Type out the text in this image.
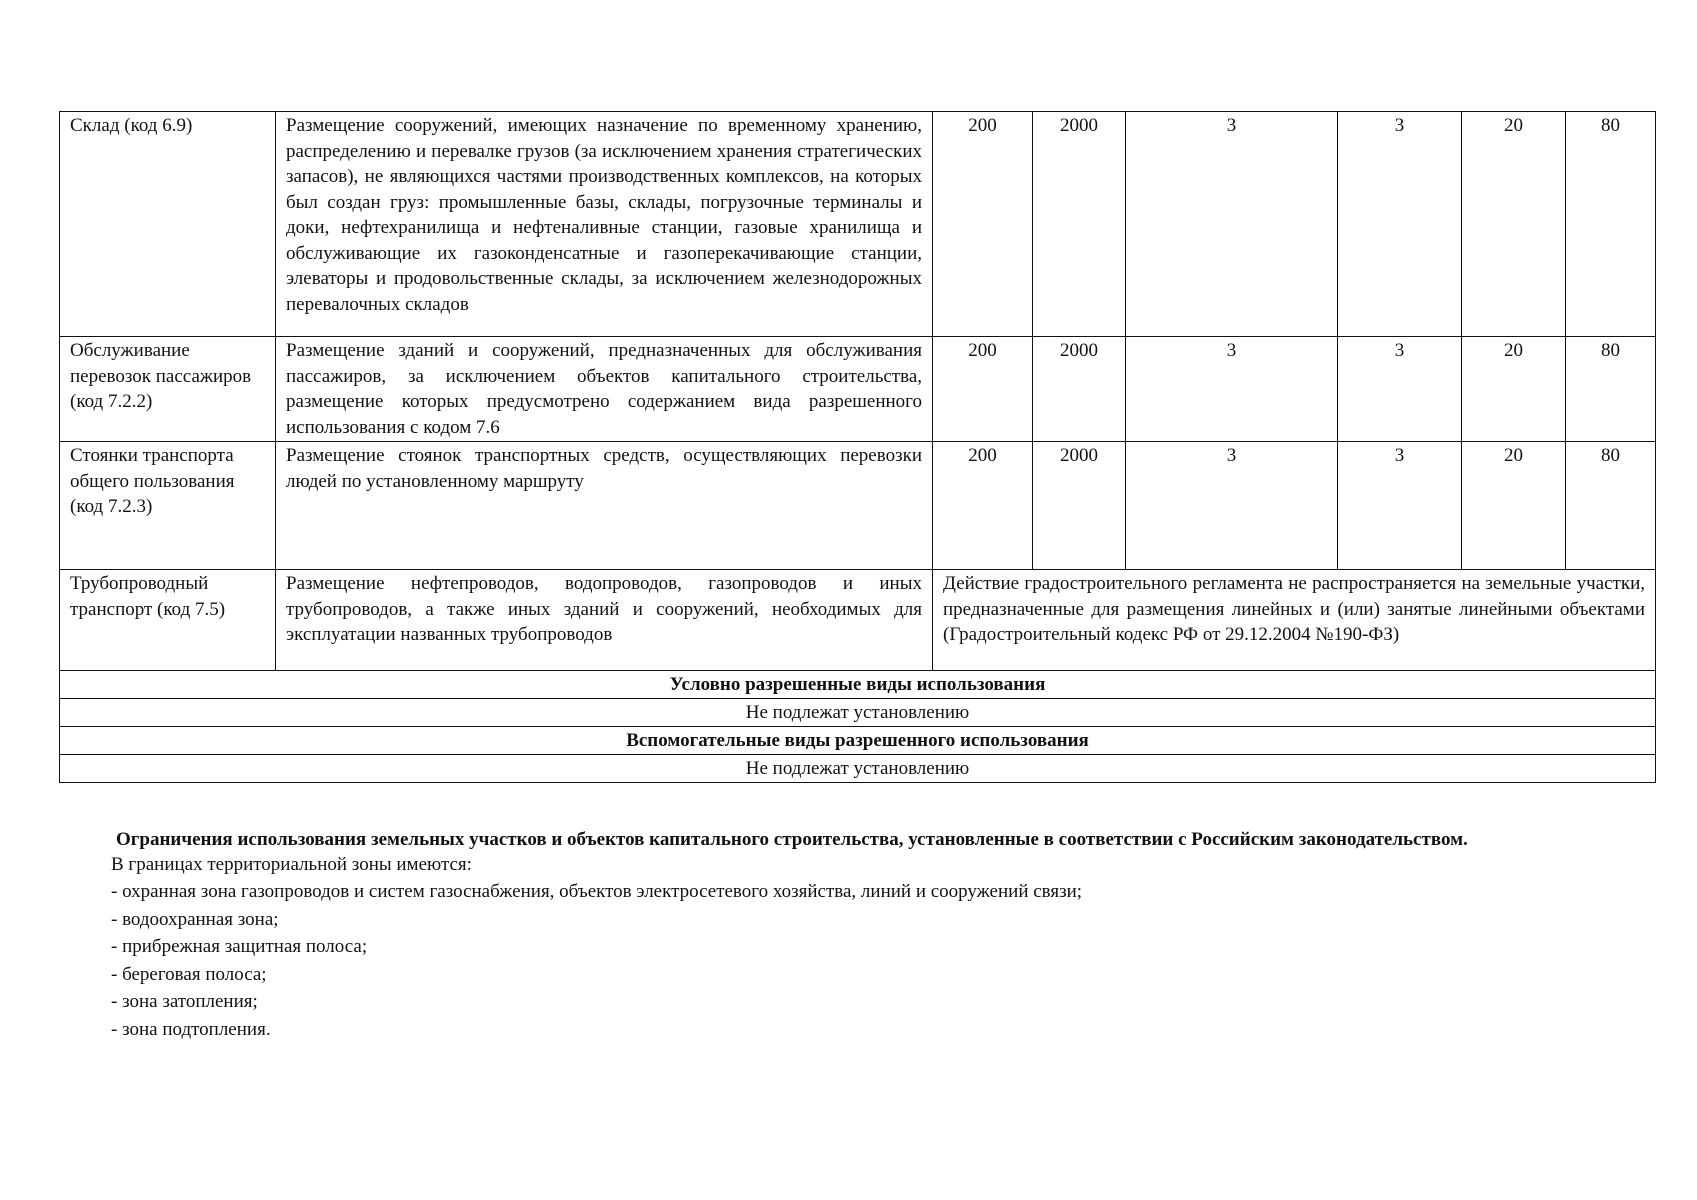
Склад (код 6.9)	Размещение сооружений, имеющих назначение по временному хранению, распределению и перевалке грузов (за исключением хранения стратегических запасов), не являющихся частями производственных комплексов, на которых был создан груз: промышленные базы, склады, погрузочные терминалы и доки, нефтехранилища и нефтеналивные станции, газовые хранилища и обслуживающие их газоконденсатные и газоперекачивающие станции, элеваторы и продовольственные склады, за исключением железнодорожных перевалочных складов	200	2000	3	3	20	80
Обслуживание перевозок пассажиров (код 7.2.2)	Размещение зданий и сооружений, предназначенных для обслуживания пассажиров, за исключением объектов капитального строительства, размещение которых предусмотрено содержанием вида разрешенного использования с кодом 7.6	200	2000	3	3	20	80
Стоянки транспорта общего пользования (код 7.2.3)	Размещение стоянок транспортных средств, осуществляющих перевозки людей по установленному маршруту	200	2000	3	3	20	80
Трубопроводный транспорт (код 7.5)	Размещение нефтепроводов, водопроводов, газопроводов и иных трубопроводов, а также иных зданий и сооружений, необходимых для эксплуатации названных трубопроводов	Действие градостроительного регламента не распространяется на земельные участки, предназначенные для размещения линейных и (или) занятые линейными объектами (Градостроительный кодекс РФ от 29.12.2004 №190-ФЗ)					
Условно разрешенные виды использования							
Не подлежат установлению							
Вспомогательные виды разрешенного использования							
Не подлежат установлению							

Ограничения использования земельных участков и объектов капитального строительства, установленные в соответствии с Российским законодательством.

В границах территориальной зоны имеются:

- охранная зона газопроводов и систем газоснабжения, объектов электросетевого хозяйства, линий и сооружений связи;
- водоохранная зона;
- прибрежная защитная полоса;
- береговая полоса;
- зона затопления;
- зона подтопления.
